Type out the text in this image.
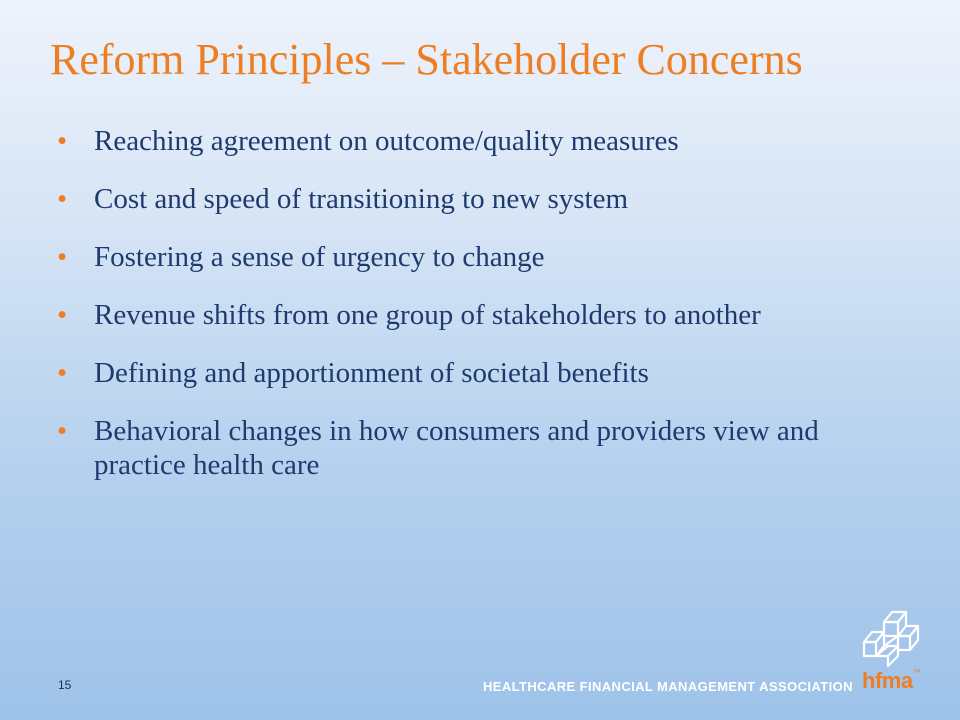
Reform Principles – Stakeholder Concerns
• Reaching agreement on outcome/quality measures
• Cost and speed of transitioning to new system
• Fostering a sense of urgency to change
• Revenue shifts from one group of stakeholders to another
• Defining and apportionment of societal benefits
• Behavioral changes in how consumers and providers view and practice health care
15	HEALTHCARE FINANCIAL MANAGEMENT ASSOCIATION hfma™
